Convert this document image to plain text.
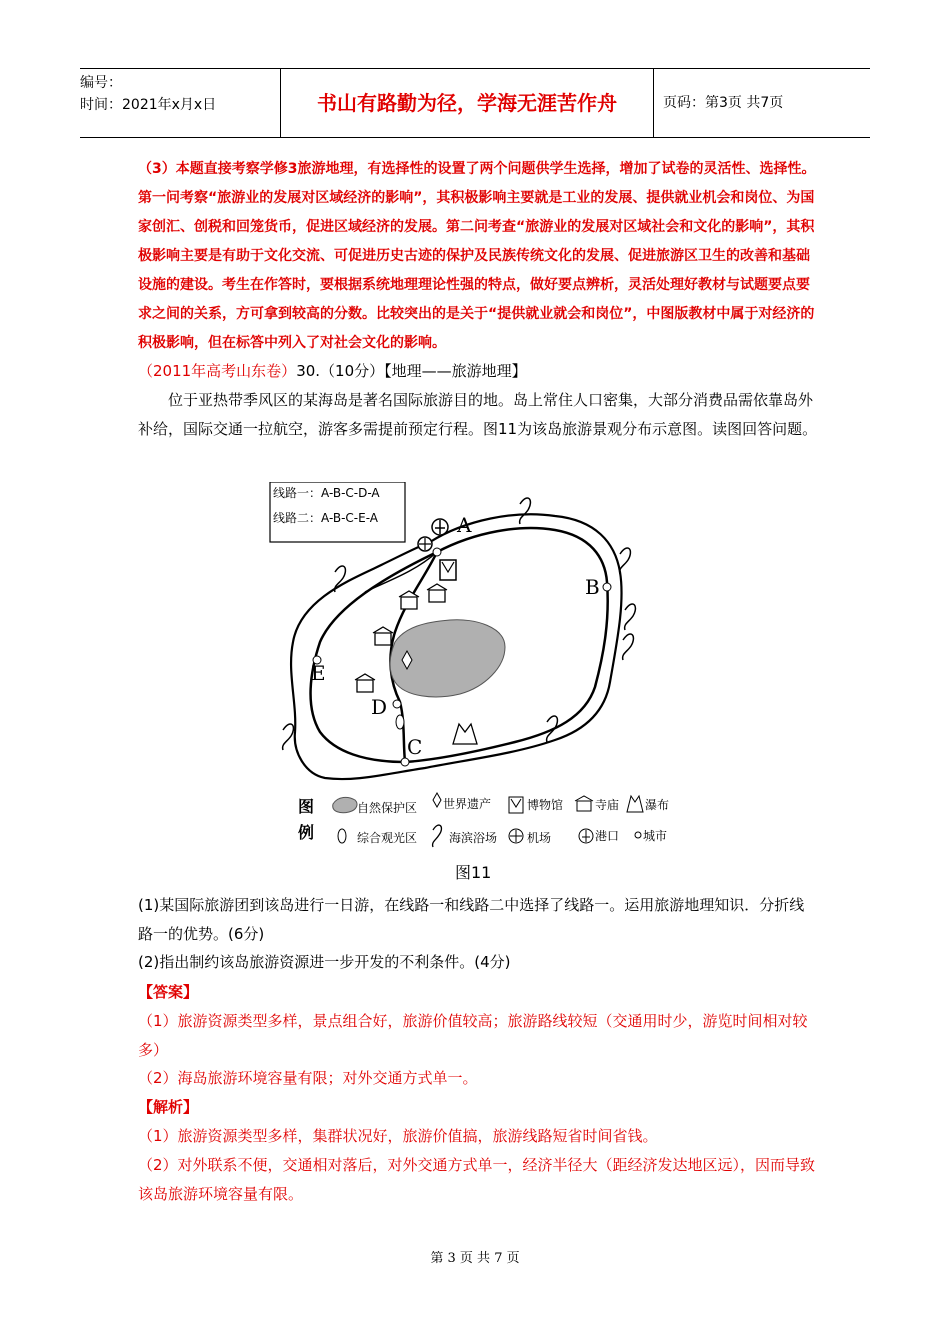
编号：
时间：2021年x月x日	书山有路勤为径，学海无涯苦作舟	页码：第3页 共7页
（3）本题直接考察学修3旅游地理，有选择性的设置了两个问题供学生选择，增加了试卷的灵活性、选择性。第一问考察“旅游业的发展对区域经济的影响”，其积极影响主要就是工业的发展、提供就业机会和岗位、为国家创汇、创税和回笼货币，促进区域经济的发展。第二问考查“旅游业的发展对区域社会和文化的影响”，其积极影响主要是有助于文化交流、可促进历史古迹的保护及民族传统文化的发展、促进旅游区卫生的改善和基础设施的建设。考生在作答时，要根据系统地理理论性强的特点，做好要点辨析，灵活处理好教材与试题要点要求之间的关系，方可拿到较高的分数。比较突出的是关于“提供就业就会和岗位”，中图版教材中属于对经济的积极影响，但在标答中列入了对社会文化的影响。
（2011年高考山东卷）30.（10分）【地理——旅游地理】
位于亚热带季风区的某海岛是著名国际旅游目的地。岛上常住人口密集，大部分消费品需依靠岛外补给，国际交通一拉航空，游客多需提前预定行程。图11为该岛旅游景观分布示意图。读图回答问题。
线路一：A-B-C-D-A
线路二：A-B-C-E-A	A
B
C
D
E
图
例
自然保护区 世界遗产	博物馆	寺庙 瀑布
综合观光区	海滨浴场 机场	港口 城市
图11
(1)某国际旅游团到该岛进行一日游，在线路一和线路二中选择了线路一。运用旅游地理知识．分折线路一的优势。(6分)
(2)指出制约该岛旅游资源进一步开发的不利条件。(4分)
【答案】
（1）旅游资源类型多样，景点组合好，旅游价值较高；旅游路线较短（交通用时少，游览时间相对较多）
（2）海岛旅游环境容量有限；对外交通方式单一。
【解析】
（1）旅游资源类型多样，集群状况好，旅游价值搞，旅游线路短省时间省钱。
（2）对外联系不便，交通相对落后，对外交通方式单一，经济半径大（距经济发达地区远），因而导致该岛旅游环境容量有限。
第 3 页 共 7 页
